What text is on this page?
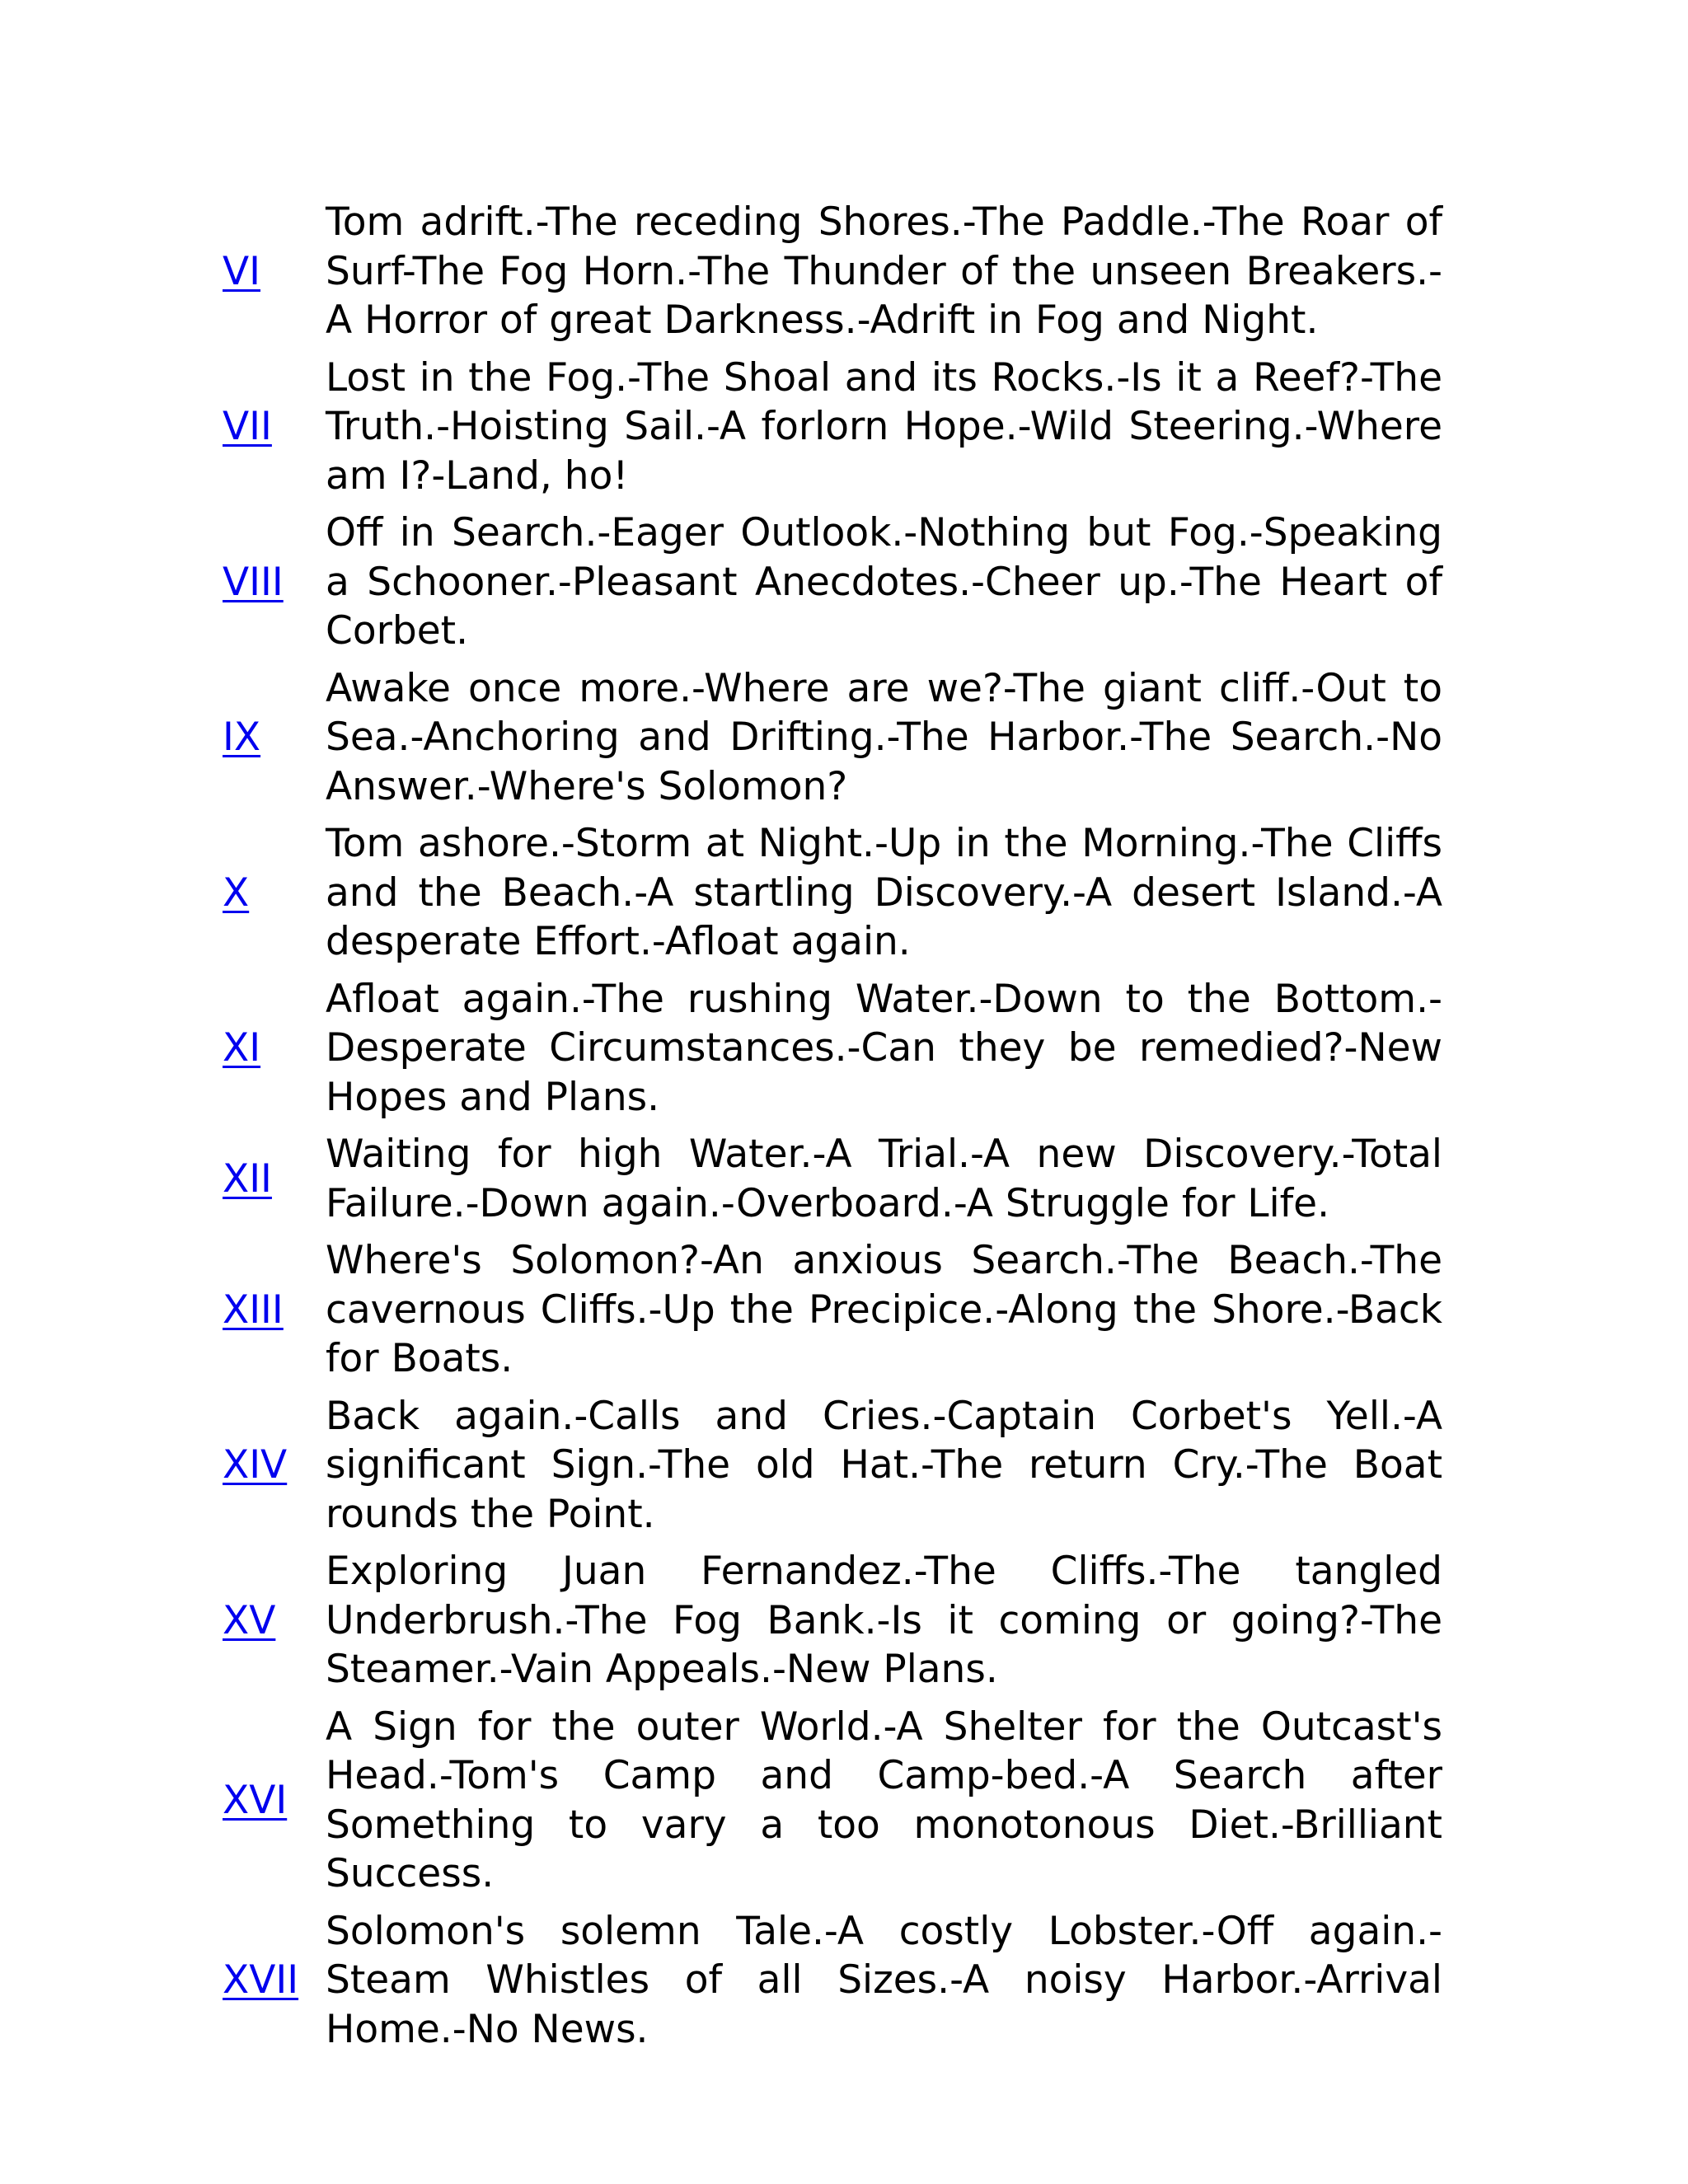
VI	Tom adrift.-The receding Shores.-The Paddle.-The Roar of Surf-The Fog Horn.-The Thunder of the unseen Breakers.-A Horror of great Darkness.-Adrift in Fog and Night.
VII	Lost in the Fog.-The Shoal and its Rocks.-Is it a Reef?-The Truth.-Hoisting Sail.-A forlorn Hope.-Wild Steering.-Where am I?-Land, ho!
VIII	Off in Search.-Eager Outlook.-Nothing but Fog.-Speaking a Schooner.-Pleasant Anecdotes.-Cheer up.-The Heart of Corbet.
IX	Awake once more.-Where are we?-The giant cliff.-Out to Sea.-Anchoring and Drifting.-The Harbor.-The Search.-No Answer.-Where's Solomon?
X	Tom ashore.-Storm at Night.-Up in the Morning.-The Cliffs and the Beach.-A startling Discovery.-A desert Island.-A desperate Effort.-Afloat again.
XI	Afloat again.-The rushing Water.-Down to the Bottom.-Desperate Circumstances.-Can they be remedied?-New Hopes and Plans.
XII	Waiting for high Water.-A Trial.-A new Discovery.-Total Failure.-Down again.-Overboard.-A Struggle for Life.
XIII	Where's Solomon?-An anxious Search.-The Beach.-The cavernous Cliffs.-Up the Precipice.-Along the Shore.-Back for Boats.
XIV	Back again.-Calls and Cries.-Captain Corbet's Yell.-A significant Sign.-The old Hat.-The return Cry.-The Boat rounds the Point.
XV	Exploring Juan Fernandez.-The Cliffs.-The tangled Underbrush.-The Fog Bank.-Is it coming or going?-The Steamer.-Vain Appeals.-New Plans.
XVI	A Sign for the outer World.-A Shelter for the Outcast's Head.-Tom's Camp and Camp-bed.-A Search after Something to vary a too monotonous Diet.-Brilliant Success.
XVII	Solomon's solemn Tale.-A costly Lobster.-Off again.-Steam Whistles of all Sizes.-A noisy Harbor.-Arrival Home.-No News.
